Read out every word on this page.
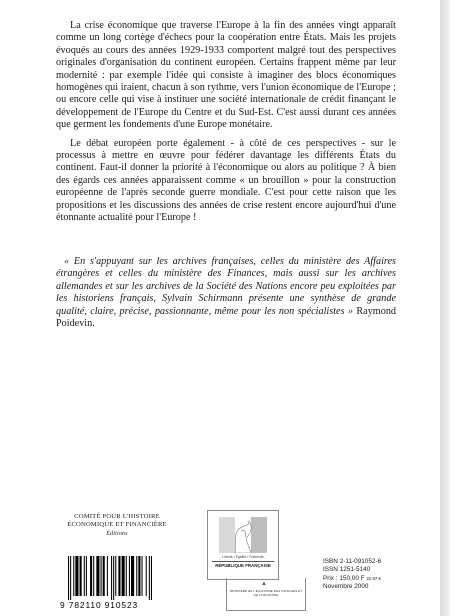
La crise économique que traverse l'Europe à la fin des années vingt apparaît comme un long cortège d'échecs pour la coopération entre États. Mais les projets évoqués au cours des années 1929-1933 comportent malgré tout des perspectives originales d'organisation du continent européen. Certains frappent même par leur modernité : par exemple l'idée qui consiste à imaginer des blocs économiques homogènes qui iraient, chacun à son rythme, vers l'union économique de l'Europe ; ou encore celle qui vise à instituer une société internationale de crédit finançant le développement de l'Europe du Centre et du Sud-Est. C'est aussi durant ces années que germent les fondements d'une Europe monétaire.

Le débat européen porte également - à côté de ces perspectives - sur le processus à mettre en œuvre pour fédérer davantage les différents États du continent. Faut-il donner la priorité à l'économique ou alors au politique ? À bien des égards ces années apparaissent comme « un brouillon » pour la construction européenne de l'après seconde guerre mondiale. C'est pour cette raison que les propositions et les discussions des années de crise restent encore aujourd'hui d'une étonnante actualité pour l'Europe !

« En s'appuyant sur les archives françaises, celles du ministère des Affaires étrangères et celles du ministère des Finances, mais aussi sur les archives allemandes et sur les archives de la Société des Nations encore peu exploitées par les historiens français, Sylvain Schirmann présente une synthèse de grande qualité, claire, précise, passionnante, même pour les non spécialistes » Raymond Poidevin.

COMITÉ POUR L'HISTOIRE
ÉCONOMIQUE ET FINANCIÈRE
Éditions
Liberté • Égalité • Fraternité
RÉPUBLIQUE FRANÇAISE
▲
MINISTÈRE DE L'ÉCONOMIE DES FINANCES ET DE L'INDUSTRIE
ISBN 2-11-091052-6
ISSN 1251-5140
Prix : 150,00 F 22,87 €
Novembre 2000
9 782110 910523
